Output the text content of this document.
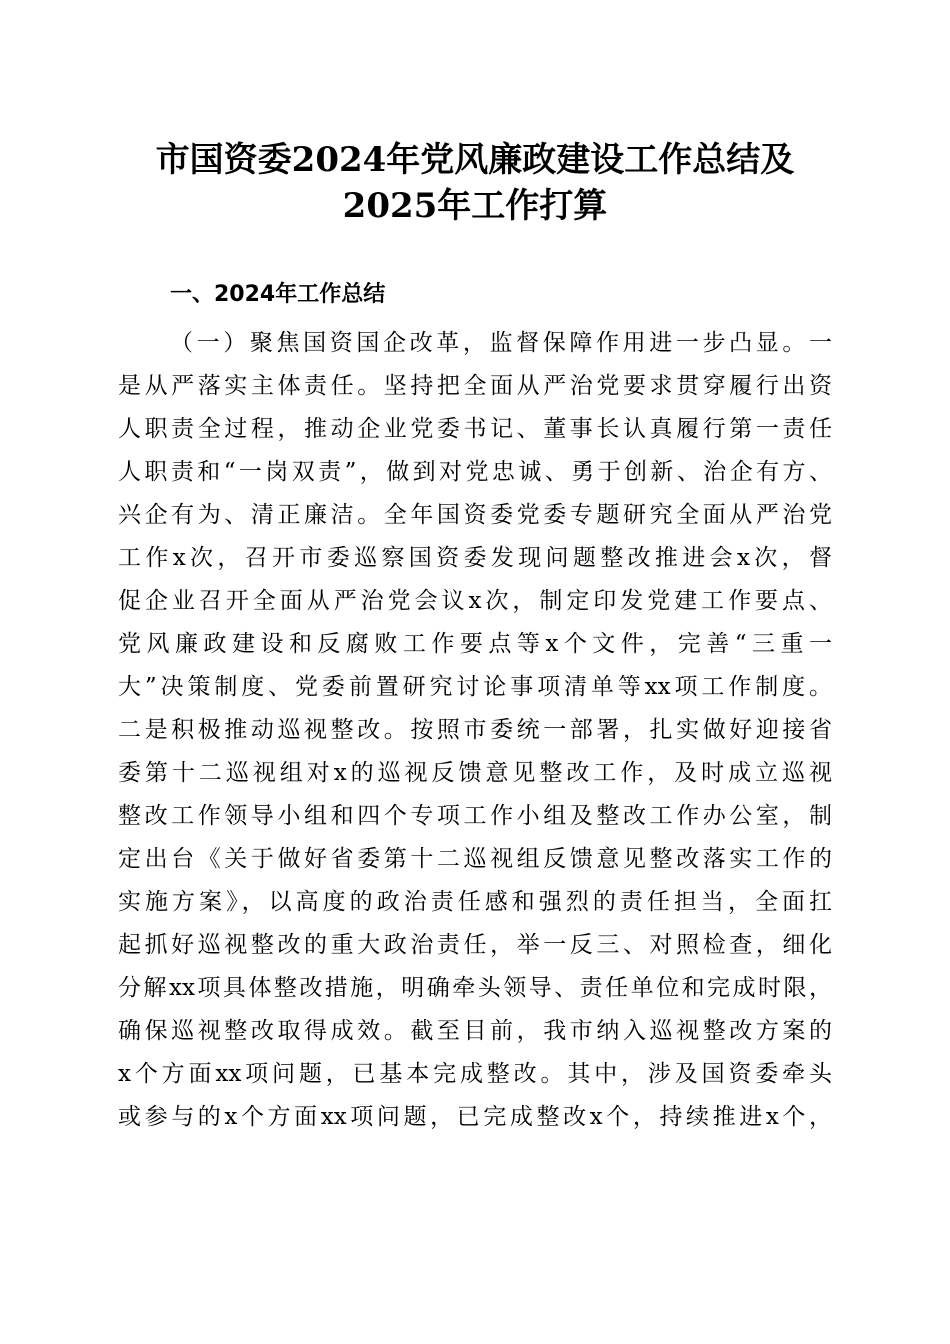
市国资委2024年党风廉政建设工作总结及
2025年工作打算
一、2024年工作总结

（一）聚焦国资国企改革，监督保障作用进一步凸显。一

是从严落实主体责任。坚持把全面从严治党要求贯穿履行出资

人职责全过程，推动企业党委书记、董事长认真履行第一责任

人职责和“一岗双责”，做到对党忠诚、勇于创新、治企有方、

兴企有为、清正廉洁。全年国资委党委专题研究全面从严治党

工作x次，召开市委巡察国资委发现问题整改推进会x次，督

促企业召开全面从严治党会议x次，制定印发党建工作要点、

党风廉政建设和反腐败工作要点等x个文件，完善“三重一

大”决策制度、党委前置研究讨论事项清单等xx项工作制度。

二是积极推动巡视整改。按照市委统一部署，扎实做好迎接省

委第十二巡视组对x的巡视反馈意见整改工作，及时成立巡视

整改工作领导小组和四个专项工作小组及整改工作办公室，制

定出台《关于做好省委第十二巡视组反馈意见整改落实工作的

实施方案》，以高度的政治责任感和强烈的责任担当，全面扛

起抓好巡视整改的重大政治责任，举一反三、对照检查，细化

分解xx项具体整改措施，明确牵头领导、责任单位和完成时限，

确保巡视整改取得成效。截至目前，我市纳入巡视整改方案的

x个方面xx项问题，已基本完成整改。其中，涉及国资委牵头

或参与的x个方面xx项问题，已完成整改x个，持续推进x个，
